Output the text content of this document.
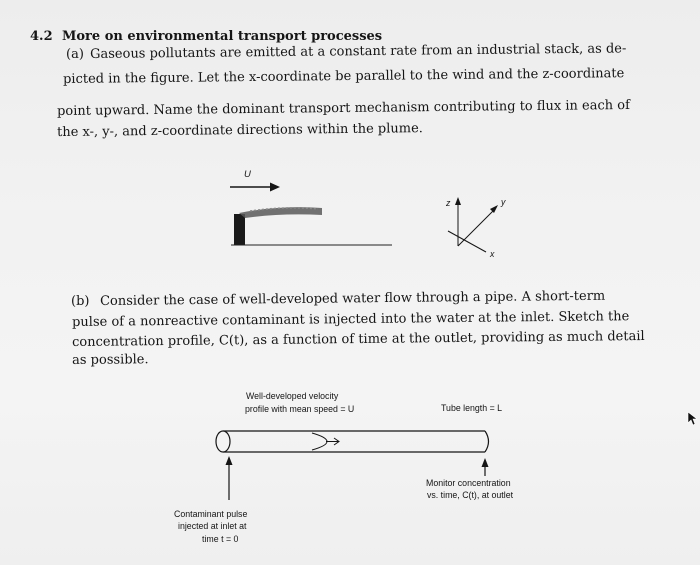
4.2 More on environmental transport processes
(a) Gaseous pollutants are emitted at a constant rate from an industrial stack, as de-
picted in the figure. Let the x-coordinate be parallel to the wind and the z-coordinate
point upward. Name the dominant transport mechanism contributing to flux in each of
the x-, y-, and z-coordinate directions within the plume.
U
z	y
x
(b) Consider the case of well-developed water flow through a pipe. A short-term
pulse of a nonreactive contaminant is injected into the water at the inlet. Sketch the
concentration profile, C(t), as a function of time at the outlet, providing as much detail
as possible.
Well-developed velocity
profile with mean speed = U	Tube length = L
Monitor concentration
vs. time, C(t), at outlet
Contaminant pulse
injected at inlet at
time t = 0
